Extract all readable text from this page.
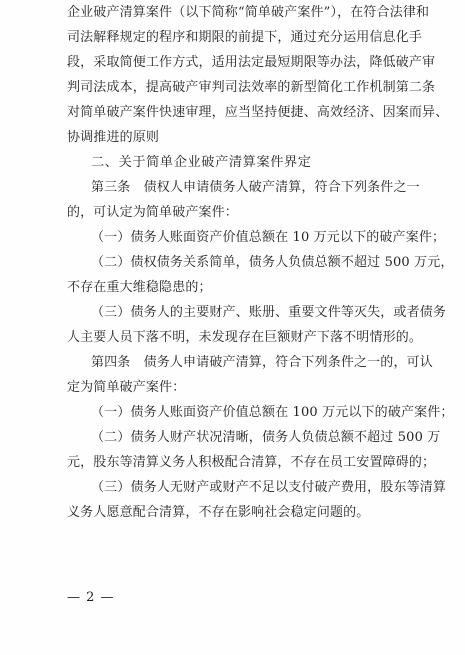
企业破产清算案件（以下简称“简单破产案件”），在符合法律和
司法解释规定的程序和期限的前提下，通过充分运用信息化手
段，采取简便工作方式，适用法定最短期限等办法，降低破产审
判司法成本，提高破产审判司法效率的新型简化工作机制第二条
对简单破产案件快速审理，应当坚持便捷、高效经济、因案而异、
协调推进的原则
二、关于简单企业破产清算案件界定
第三条　债权人申请债务人破产清算，符合下列条件之一
的，可认定为简单破产案件：
（一）债务人账面资产价值总额在 10 万元以下的破产案件；
（二）债权债务关系简单，债务人负债总额不超过 500 万元，
不存在重大维稳隐患的；
（三）债务人的主要财产、账册、重要文件等灭失，或者债务
人主要人员下落不明，未发现存在巨额财产下落不明情形的。
第四条　债务人申请破产清算，符合下列条件之一的，可认
定为简单破产案件：
（一）债务人账面资产价值总额在 100 万元以下的破产案件；
（二）债务人财产状况清晰，债务人负债总额不超过 500 万
元，股东等清算义务人积极配合清算，不存在员工安置障碍的；
（三）债务人无财产或财产不足以支付破产费用，股东等清算
义务人愿意配合清算，不存在影响社会稳定问题的。
— 2 —
